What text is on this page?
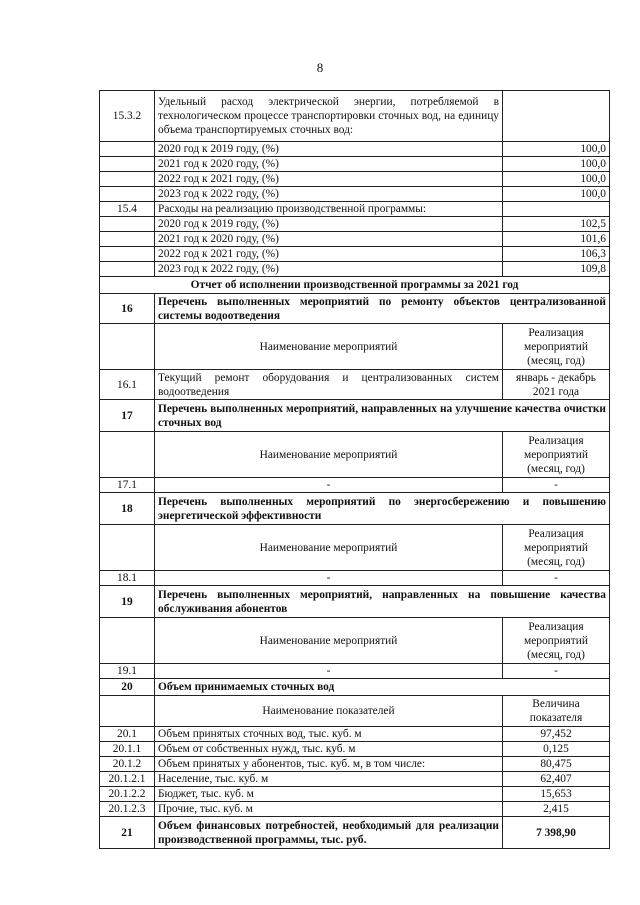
8
15.3.2	Удельный расход электрической энергии, потребляемой в технологическом процессе транспортировки сточных вод, на единицу объема транспортируемых сточных вод:	
	2020 год к 2019 году, (%)	100,0
	2021 год к 2020 году, (%)	100,0
	2022 год к 2021 году, (%)	100,0
	2023 год к 2022 году, (%)	100,0
15.4	Расходы на реализацию производственной программы:	
	2020 год к 2019 году, (%)	102,5
	2021 год к 2020 году, (%)	101,6
	2022 год к 2021 году, (%)	106,3
	2023 год к 2022 году, (%)	109,8
Отчет об исполнении производственной программы за 2021 год		
16	Перечень выполненных мероприятий по ремонту объектов централизованной системы водоотведения	
	Наименование мероприятий	Реализация мероприятий (месяц, год)
16.1	Текущий ремонт оборудования и централизованных систем водоотведения	январь - декабрь 2021 года
17	Перечень выполненных мероприятий, направленных на улучшение качества очистки сточных вод	
	Наименование мероприятий	Реализация мероприятий (месяц, год)
17.1	-	-
18	Перечень выполненных мероприятий по энергосбережению и повышению энергетической эффективности	
	Наименование мероприятий	Реализация мероприятий (месяц, год)
18.1	-	-
19	Перечень выполненных мероприятий, направленных на повышение качества обслуживания абонентов	
	Наименование мероприятий	Реализация мероприятий (месяц, год)
19.1	-	-
20	Объем принимаемых сточных вод	
	Наименование показателей	Величина показателя
20.1	Объем принятых сточных вод, тыс. куб. м	97,452
20.1.1	Объем от собственных нужд, тыс. куб. м	0,125
20.1.2	Объем принятых у абонентов, тыс. куб. м, в том числе:	80,475
20.1.2.1	Население, тыс. куб. м	62,407
20.1.2.2	Бюджет, тыс. куб. м	15,653
20.1.2.3	Прочие, тыс. куб. м	2,415
21	Объем финансовых потребностей, необходимый для реализации производственной программы, тыс. руб.	7 398,90
